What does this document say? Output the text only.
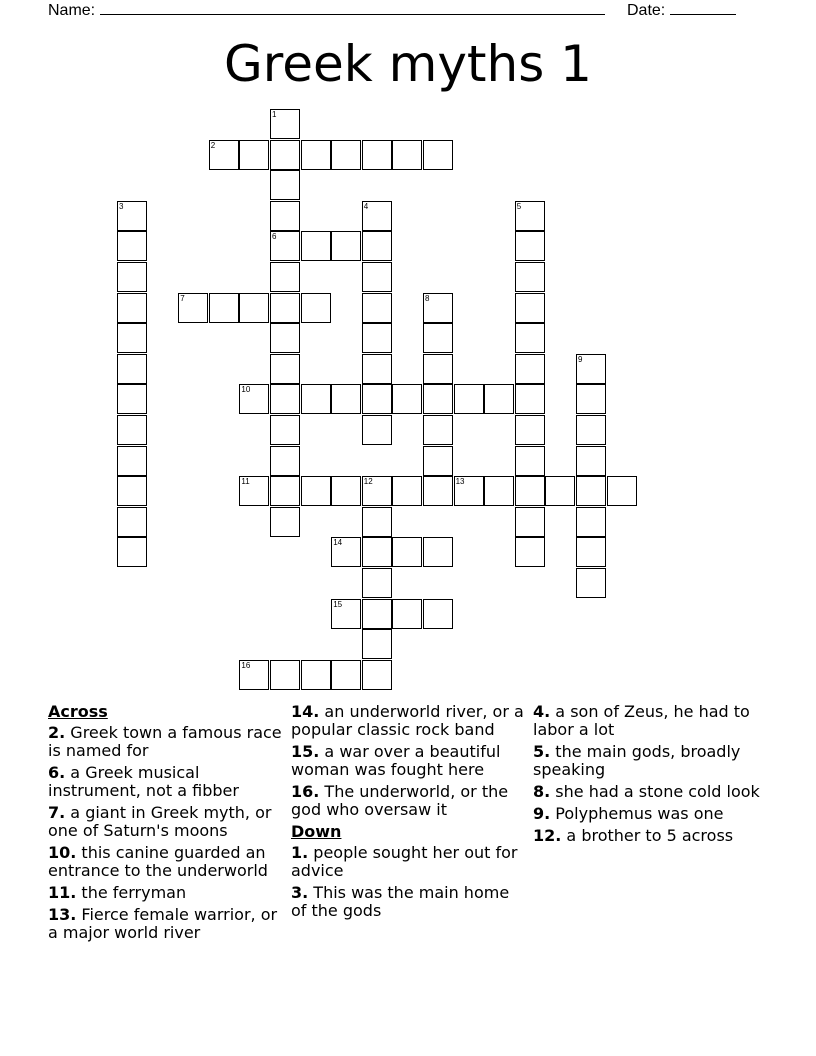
Name:	Date:
Greek myths 1
2
6
7
10
11	12	13
14
15
16
1
3	4	5
8
9
Across
2. Greek town a famous race is named for
6. a Greek musical instrument, not a fibber
7. a giant in Greek myth, or one of Saturn's moons
10. this canine guarded an entrance to the underworld
11. the ferryman
13. Fierce female warrior, or a major world river
14. an underworld river, or a popular classic rock band
15. a war over a beautiful woman was fought here
16. The underworld, or the god who oversaw it
Down
1. people sought her out for advice
3. This was the main home of the gods
4. a son of Zeus, he had to labor a lot
5. the main gods, broadly speaking
8. she had a stone cold look
9. Polyphemus was one
12. a brother to 5 across
